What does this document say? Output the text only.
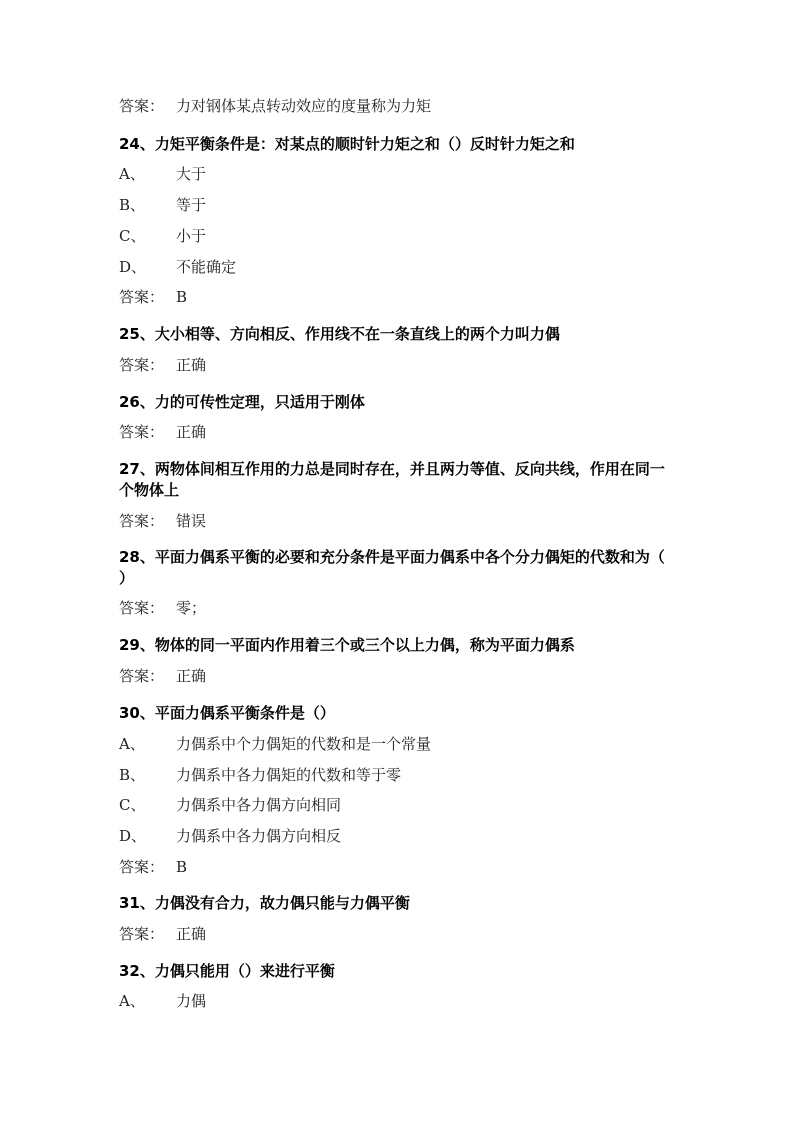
答案： 力对钢体某点转动效应的度量称为力矩
24、力矩平衡条件是：对某点的顺时针力矩之和（）反时针力矩之和
A、 大于
B、 等于
C、 小于
D、 不能确定
答案： B
25、大小相等、方向相反、作用线不在一条直线上的两个力叫力偶
答案： 正确
26、力的可传性定理，只适用于刚体
答案： 正确
27、两物体间相互作用的力总是同时存在，并且两力等值、反向共线，作用在同一个物体上
答案： 错误
28、平面力偶系平衡的必要和充分条件是平面力偶系中各个分力偶矩的代数和为（ ）
答案： 零；
29、物体的同一平面内作用着三个或三个以上力偶，称为平面力偶系
答案： 正确
30、平面力偶系平衡条件是（）
A、 力偶系中个力偶矩的代数和是一个常量
B、 力偶系中各力偶矩的代数和等于零
C、 力偶系中各力偶方向相同
D、 力偶系中各力偶方向相反
答案： B
31、力偶没有合力，故力偶只能与力偶平衡
答案： 正确
32、力偶只能用（）来进行平衡
A、 力偶
